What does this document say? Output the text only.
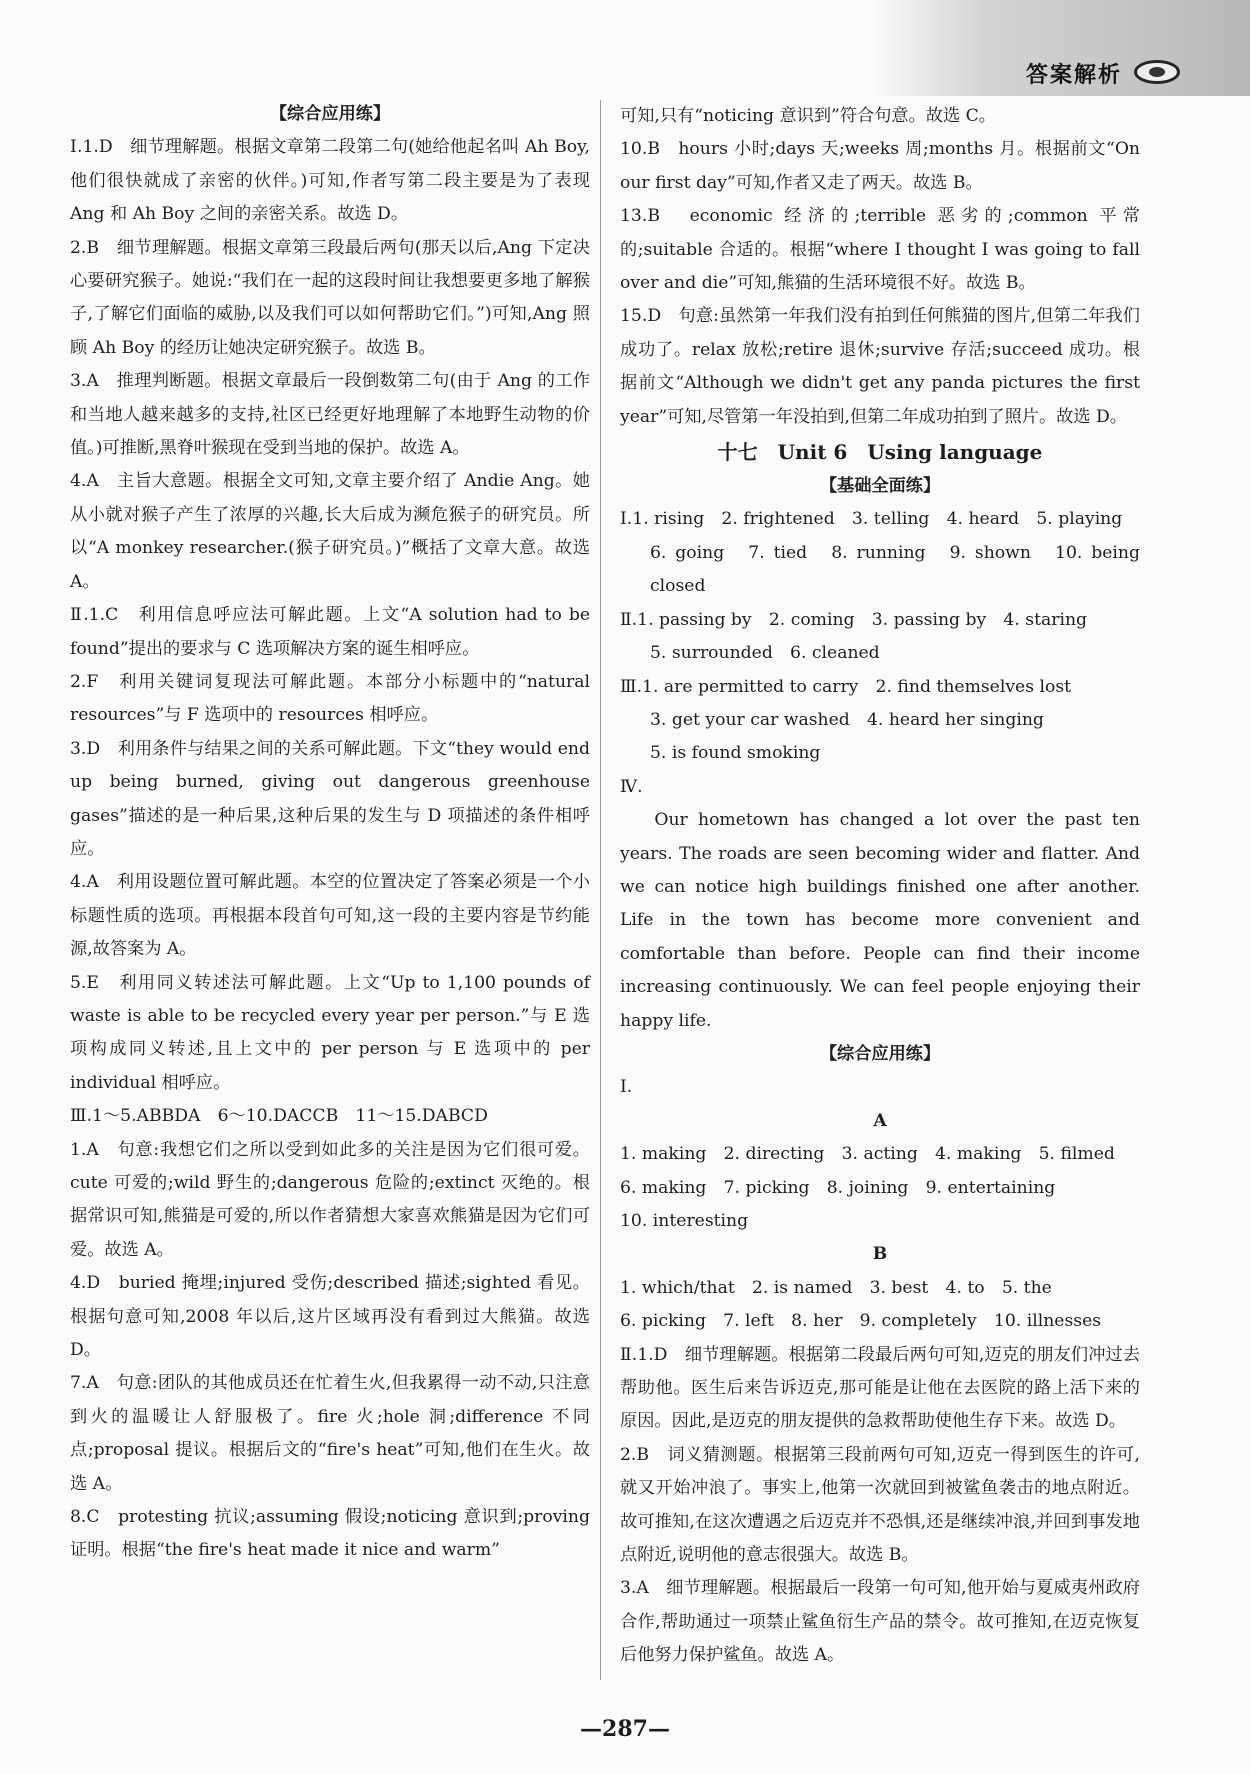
答案解析

【综合应用练】

Ⅰ.1.D　细节理解题。根据文章第二段第二句(她给他起名叫 Ah Boy,他们很快就成了亲密的伙伴。)可知,作者写第二段主要是为了表现 Ang 和 Ah Boy 之间的亲密关系。故选 D。

2.B　细节理解题。根据文章第三段最后两句(那天以后,Ang 下定决心要研究猴子。她说:“我们在一起的这段时间让我想要更多地了解猴子,了解它们面临的威胁,以及我们可以如何帮助它们。”)可知,Ang 照顾 Ah Boy 的经历让她决定研究猴子。故选 B。

3.A　推理判断题。根据文章最后一段倒数第二句(由于 Ang 的工作和当地人越来越多的支持,社区已经更好地理解了本地野生动物的价值。)可推断,黑脊叶猴现在受到当地的保护。故选 A。

4.A　主旨大意题。根据全文可知,文章主要介绍了 Andie Ang。她从小就对猴子产生了浓厚的兴趣,长大后成为濒危猴子的研究员。所以“A monkey researcher.(猴子研究员。)”概括了文章大意。故选 A。

Ⅱ.1.C　利用信息呼应法可解此题。上文“A solution had to be found”提出的要求与 C 选项解决方案的诞生相呼应。

2.F　利用关键词复现法可解此题。本部分小标题中的“natural resources”与 F 选项中的 resources 相呼应。

3.D　利用条件与结果之间的关系可解此题。下文“they would end up being burned, giving out dangerous greenhouse gases”描述的是一种后果,这种后果的发生与 D 项描述的条件相呼应。

4.A　利用设题位置可解此题。本空的位置决定了答案必须是一个小标题性质的选项。再根据本段首句可知,这一段的主要内容是节约能源,故答案为 A。

5.E　利用同义转述法可解此题。上文“Up to 1,100 pounds of waste is able to be recycled every year per person.”与 E 选项构成同义转述,且上文中的 per person 与 E 选项中的 per individual 相呼应。

Ⅲ.1～5.ABBDA　6～10.DACCB　11～15.DABCD

1.A　句意:我想它们之所以受到如此多的关注是因为它们很可爱。cute 可爱的;wild 野生的;dangerous 危险的;extinct 灭绝的。根据常识可知,熊猫是可爱的,所以作者猜想大家喜欢熊猫是因为它们可爱。故选 A。

4.D　buried 掩埋;injured 受伤;described 描述;sighted 看见。根据句意可知,2008 年以后,这片区域再没有看到过大熊猫。故选 D。

7.A　句意:团队的其他成员还在忙着生火,但我累得一动不动,只注意到火的温暖让人舒服极了。fire 火;hole 洞;difference 不同点;proposal 提议。根据后文的“fire's heat”可知,他们在生火。故选 A。

8.C　protesting 抗议;assuming 假设;noticing 意识到;proving 证明。根据“the fire's heat made it nice and warm”

可知,只有“noticing 意识到”符合句意。故选 C。

10.B　hours 小时;days 天;weeks 周;months 月。根据前文“On our first day”可知,作者又走了两天。故选 B。

13.B　economic 经济的;terrible 恶劣的;common 平常的;suitable 合适的。根据“where I thought I was going to fall over and die”可知,熊猫的生活环境很不好。故选 B。

15.D　句意:虽然第一年我们没有拍到任何熊猫的图片,但第二年我们成功了。relax 放松;retire 退休;survive 存活;succeed 成功。根据前文“Although we didn't get any panda pictures the first year”可知,尽管第一年没拍到,但第二年成功拍到了照片。故选 D。

十七　Unit 6　Using language

【基础全面练】

Ⅰ.1. rising　2. frightened　3. telling　4. heard　5. playing

6. going　7. tied　8. running　9. shown　10. being closed

Ⅱ.1. passing by　2. coming　3. passing by　4. staring

5. surrounded　6. cleaned

Ⅲ.1. are permitted to carry　2. find themselves lost

3. get your car washed　4. heard her singing

5. is found smoking

Ⅳ.

Our hometown has changed a lot over the past ten years. The roads are seen becoming wider and flatter. And we can notice high buildings finished one after another. Life in the town has become more convenient and comfortable than before. People can find their income increasing continuously. We can feel people enjoying their happy life.

【综合应用练】

Ⅰ.

A

1. making　2. directing　3. acting　4. making　5. filmed

6. making　7. picking　8. joining　9. entertaining

10. interesting

B

1. which/that　2. is named　3. best　4. to　5. the

6. picking　7. left　8. her　9. completely　10. illnesses

Ⅱ.1.D　细节理解题。根据第二段最后两句可知,迈克的朋友们冲过去帮助他。医生后来告诉迈克,那可能是让他在去医院的路上活下来的原因。因此,是迈克的朋友提供的急救帮助使他生存下来。故选 D。

2.B　词义猜测题。根据第三段前两句可知,迈克一得到医生的许可,就又开始冲浪了。事实上,他第一次就回到被鲨鱼袭击的地点附近。故可推知,在这次遭遇之后迈克并不恐惧,还是继续冲浪,并回到事发地点附近,说明他的意志很强大。故选 B。

3.A　细节理解题。根据最后一段第一句可知,他开始与夏威夷州政府合作,帮助通过一项禁止鲨鱼衍生产品的禁令。故可推知,在迈克恢复后他努力保护鲨鱼。故选 A。

—287—
